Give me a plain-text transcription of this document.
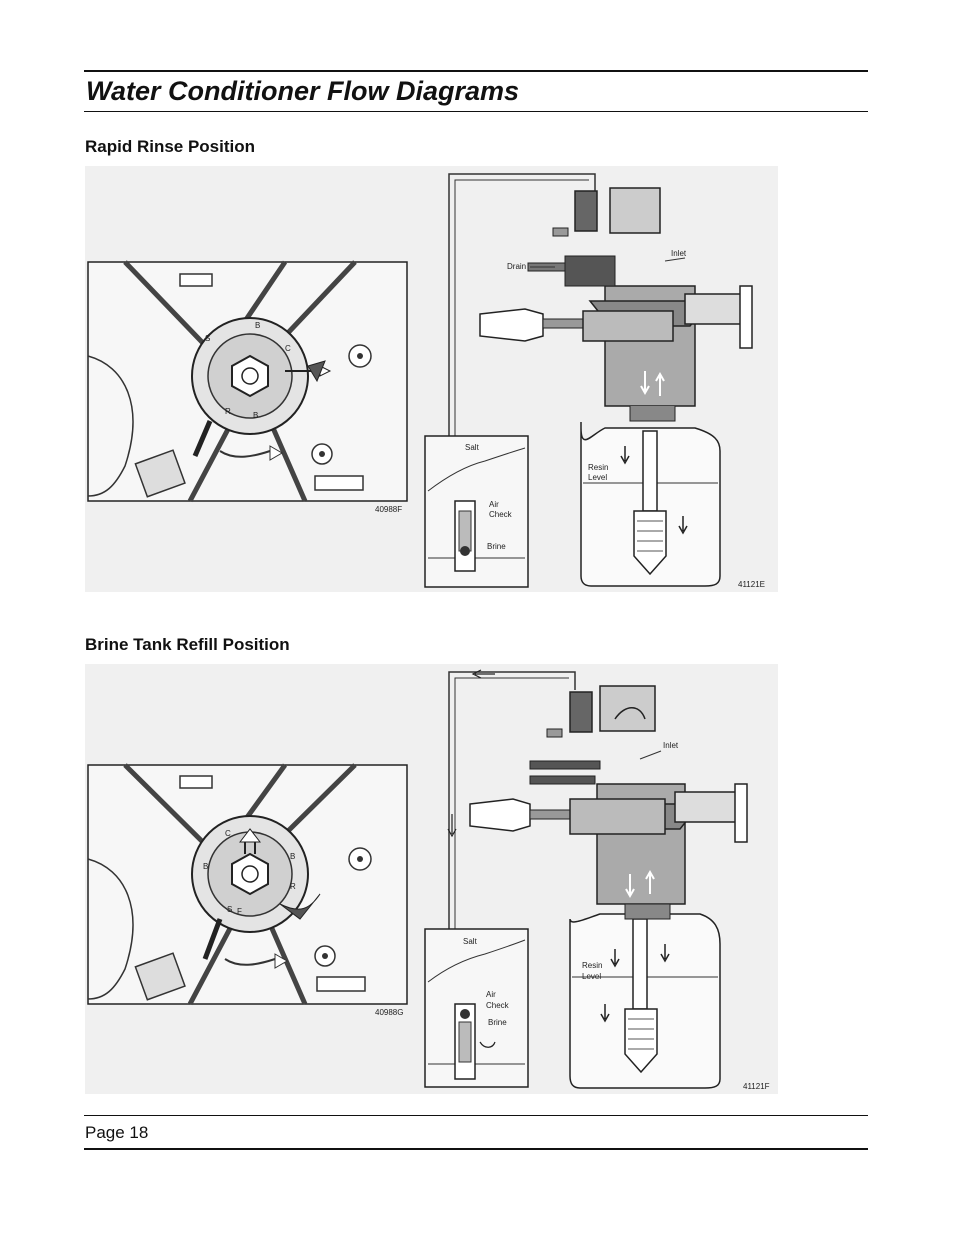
Water Conditioner Flow Diagrams
Rapid Rinse Position
S
B
C
R	B
40988F
Salt
Air
Check
Brine
Resin
Level
Drain
Inlet
41121E
Brine Tank Refill Position
C
B
B
R
S F
40988G
Salt
Air
Check
Brine
Resin
Level
Inlet
41121F
Page 18
